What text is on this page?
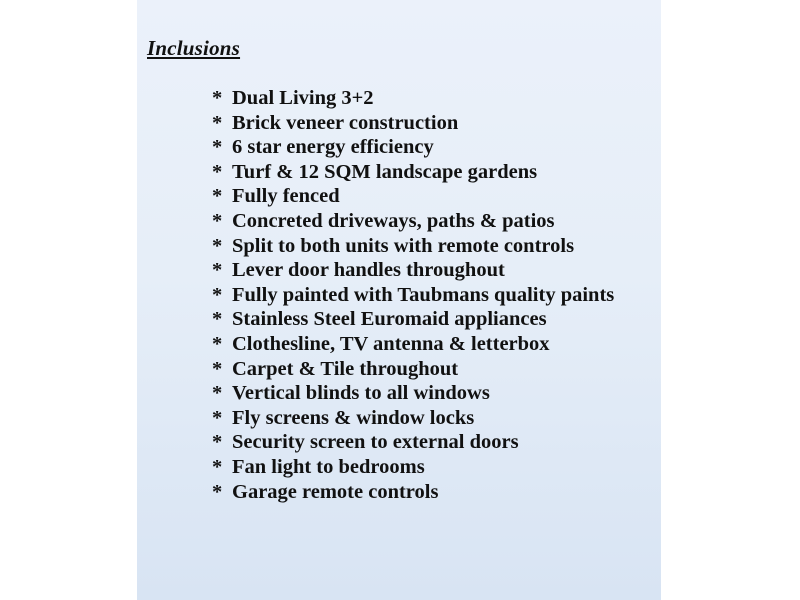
Inclusions
* Dual Living 3+2
* Brick veneer construction
* 6 star energy efficiency
* Turf & 12 SQM landscape gardens
* Fully fenced
* Concreted driveways, paths & patios
* Split to both units with remote controls
* Lever door handles throughout
* Fully painted with Taubmans quality paints
* Stainless Steel Euromaid appliances
* Clothesline, TV antenna & letterbox
* Carpet & Tile throughout
* Vertical blinds to all windows
* Fly screens & window locks
* Security screen to external doors
* Fan light to bedrooms
* Garage remote controls
